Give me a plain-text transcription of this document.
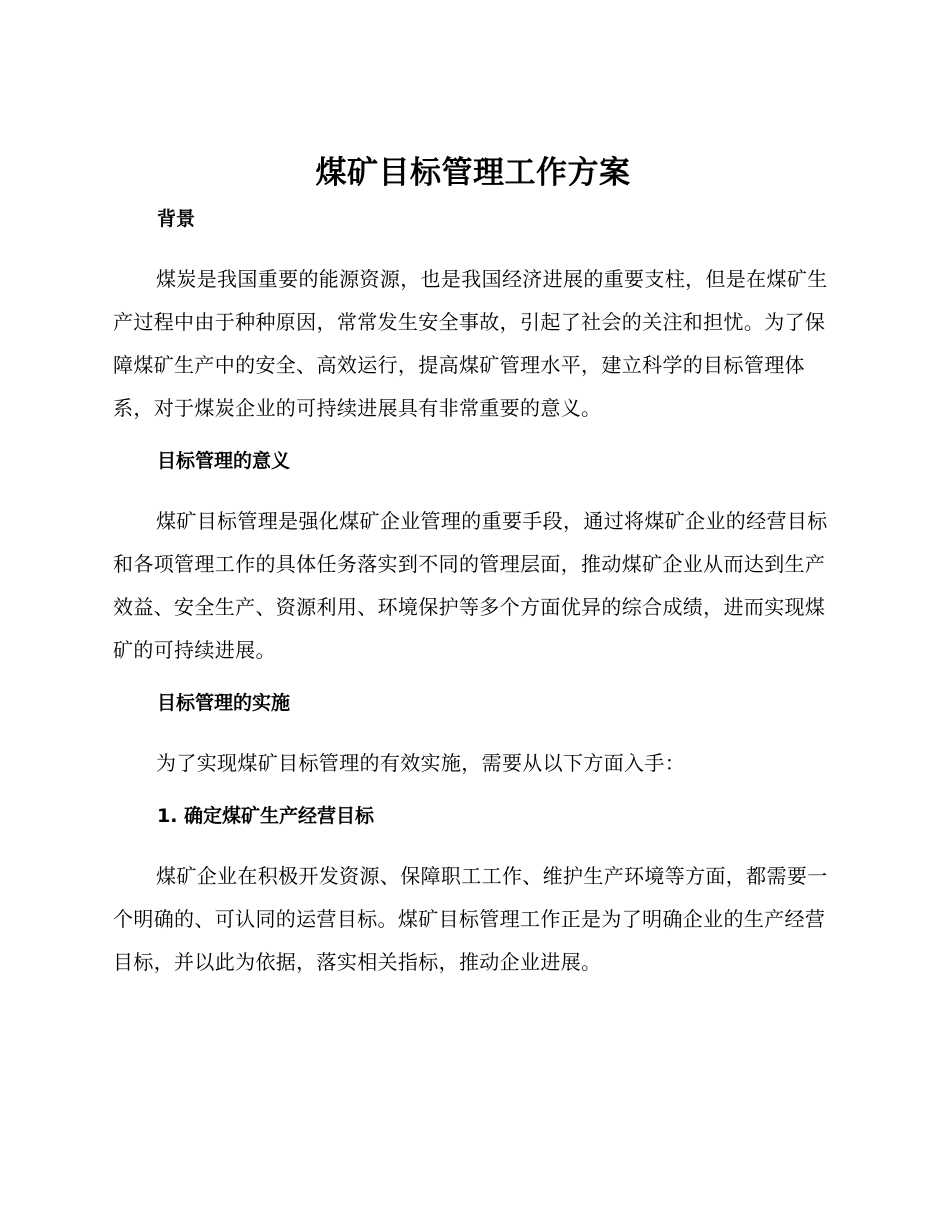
煤矿目标管理工作方案
背景

煤炭是我国重要的能源资源，也是我国经济进展的重要支柱，但是在煤矿生产过程中由于种种原因，常常发生安全事故，引起了社会的关注和担忧。为了保障煤矿生产中的安全、高效运行，提高煤矿管理水平，建立科学的目标管理体系，对于煤炭企业的可持续进展具有非常重要的意义。

目标管理的意义

煤矿目标管理是强化煤矿企业管理的重要手段，通过将煤矿企业的经营目标和各项管理工作的具体任务落实到不同的管理层面，推动煤矿企业从而达到生产效益、安全生产、资源利用、环境保护等多个方面优异的综合成绩，进而实现煤矿的可持续进展。

目标管理的实施

为了实现煤矿目标管理的有效实施，需要从以下方面入手：

1. 确定煤矿生产经营目标

煤矿企业在积极开发资源、保障职工工作、维护生产环境等方面，都需要一个明确的、可认同的运营目标。煤矿目标管理工作正是为了明确企业的生产经营目标，并以此为依据，落实相关指标，推动企业进展。
